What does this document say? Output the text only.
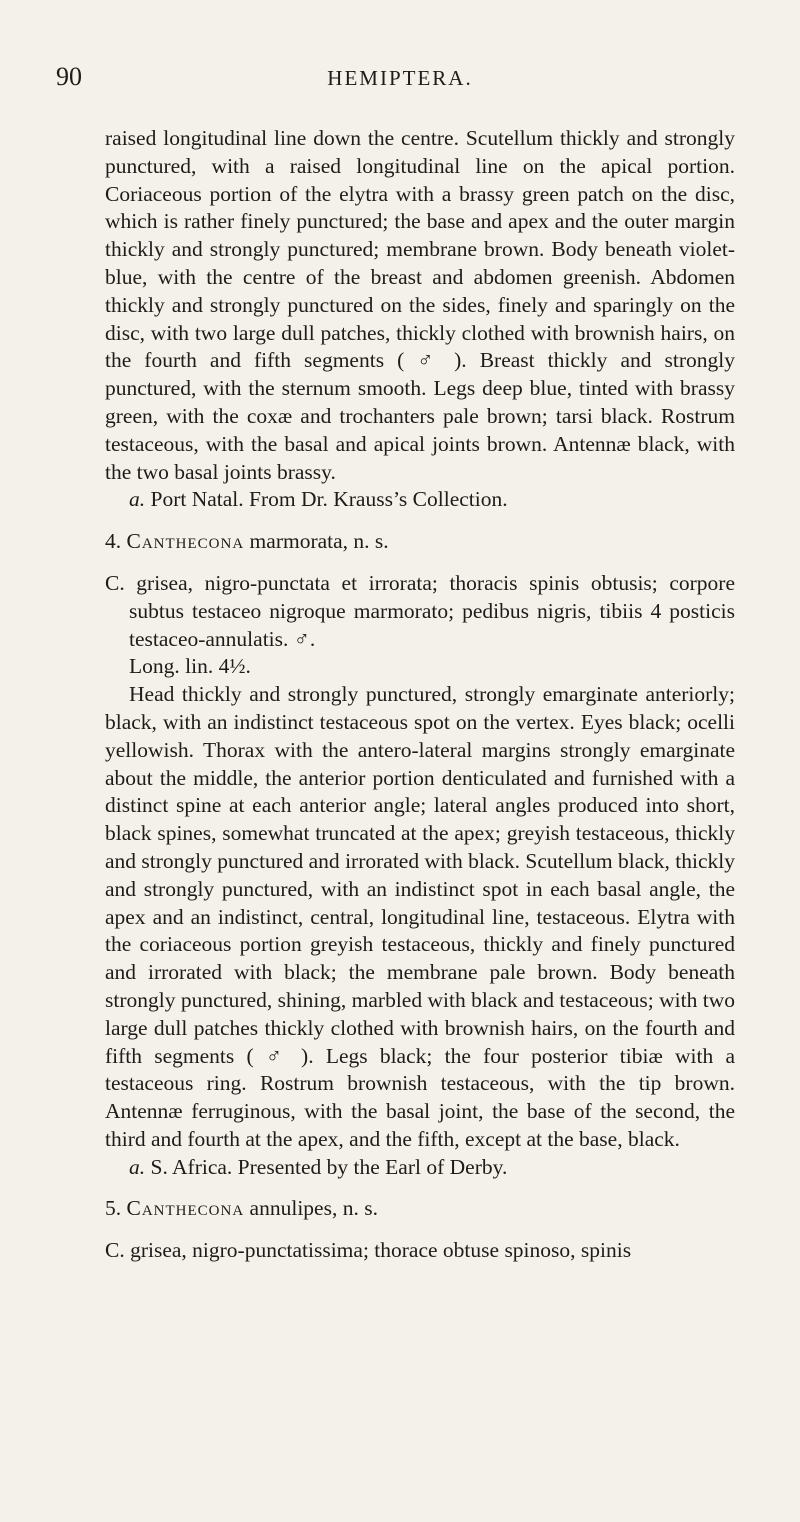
90	HEMIPTERA.

raised longitudinal line down the centre. Scutellum thickly and strongly punctured, with a raised longitudinal line on the apical portion. Coriaceous portion of the elytra with a brassy green patch on the disc, which is rather finely punctured; the base and apex and the outer margin thickly and strongly punctured; membrane brown. Body beneath violet-blue, with the centre of the breast and abdomen greenish. Abdomen thickly and strongly punctured on the sides, finely and sparingly on the disc, with two large dull patches, thickly clothed with brownish hairs, on the fourth and fifth segments ( ♂ ). Breast thickly and strongly punctured, with the sternum smooth. Legs deep blue, tinted with brassy green, with the coxæ and trochanters pale brown; tarsi black. Rostrum testaceous, with the basal and apical joints brown. Antennæ black, with the two basal joints brassy.

a. Port Natal. From Dr. Krauss’s Collection.

4. Canthecona marmorata, n. s.

C. grisea, nigro-punctata et irrorata; thoracis spinis obtusis; corpore subtus testaceo nigroque marmorato; pedibus nigris, tibiis 4 posticis testaceo-annulatis. ♂.

Long. lin. 4½.

Head thickly and strongly punctured, strongly emarginate anteriorly; black, with an indistinct testaceous spot on the vertex. Eyes black; ocelli yellowish. Thorax with the antero-lateral margins strongly emarginate about the middle, the anterior portion denticulated and furnished with a distinct spine at each anterior angle; lateral angles produced into short, black spines, somewhat truncated at the apex; greyish testaceous, thickly and strongly punctured and irrorated with black. Scutellum black, thickly and strongly punctured, with an indistinct spot in each basal angle, the apex and an indistinct, central, longitudinal line, testaceous. Elytra with the coriaceous portion greyish testaceous, thickly and finely punctured and irrorated with black; the membrane pale brown. Body beneath strongly punctured, shining, marbled with black and testaceous; with two large dull patches thickly clothed with brownish hairs, on the fourth and fifth segments ( ♂ ). Legs black; the four posterior tibiæ with a testaceous ring. Rostrum brownish testaceous, with the tip brown. Antennæ ferruginous, with the basal joint, the base of the second, the third and fourth at the apex, and the fifth, except at the base, black.

a. S. Africa. Presented by the Earl of Derby.

5. Canthecona annulipes, n. s.

C. grisea, nigro-punctatissima; thorace obtuse spinoso, spinis
